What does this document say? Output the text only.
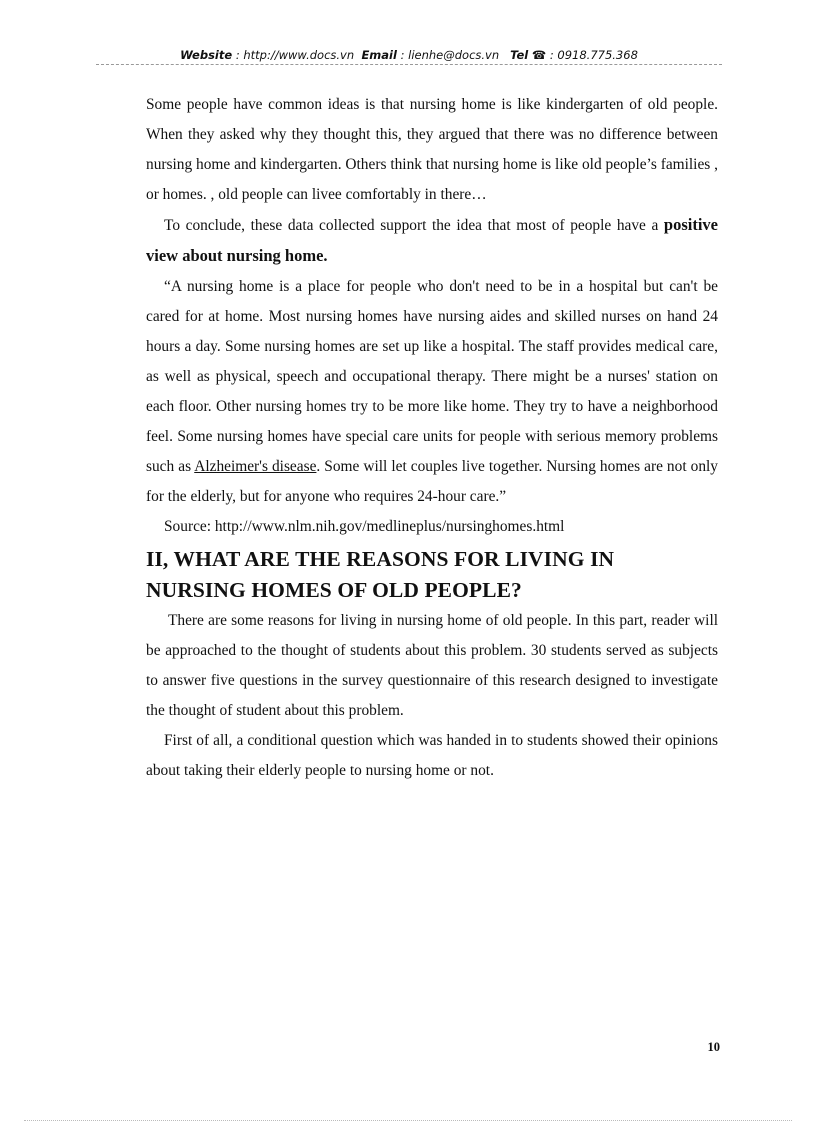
Website : http://www.docs.vn Email : lienhe@docs.vn Tel ☎ : 0918.775.368

Some people have common ideas is that nursing home is like kindergarten of old people. When they asked why they thought this, they argued that there was no difference between nursing home and kindergarten. Others think that nursing home is like old people’s families , or homes. , old people can livee comfortably in there…

To conclude, these data collected support the idea that most of people have a positive view about nursing home.

“A nursing home is a place for people who don't need to be in a hospital but can't be cared for at home. Most nursing homes have nursing aides and skilled nurses on hand 24 hours a day. Some nursing homes are set up like a hospital. The staff provides medical care, as well as physical, speech and occupational therapy. There might be a nurses' station on each floor. Other nursing homes try to be more like home. They try to have a neighborhood feel. Some nursing homes have special care units for people with serious memory problems such as Alzheimer's disease. Some will let couples live together. Nursing homes are not only for the elderly, but for anyone who requires 24-hour care.”

Source: http://www.nlm.nih.gov/medlineplus/nursinghomes.html

II, WHAT ARE THE REASONS FOR LIVING IN NURSING HOMES OF OLD PEOPLE?

There are some reasons for living in nursing home of old people. In this part, reader will be approached to the thought of students about this problem. 30 students served as subjects to answer five questions in the survey questionnaire of this research designed to investigate the thought of student about this problem.

First of all, a conditional question which was handed in to students showed their opinions about taking their elderly people to nursing home or not.

10
